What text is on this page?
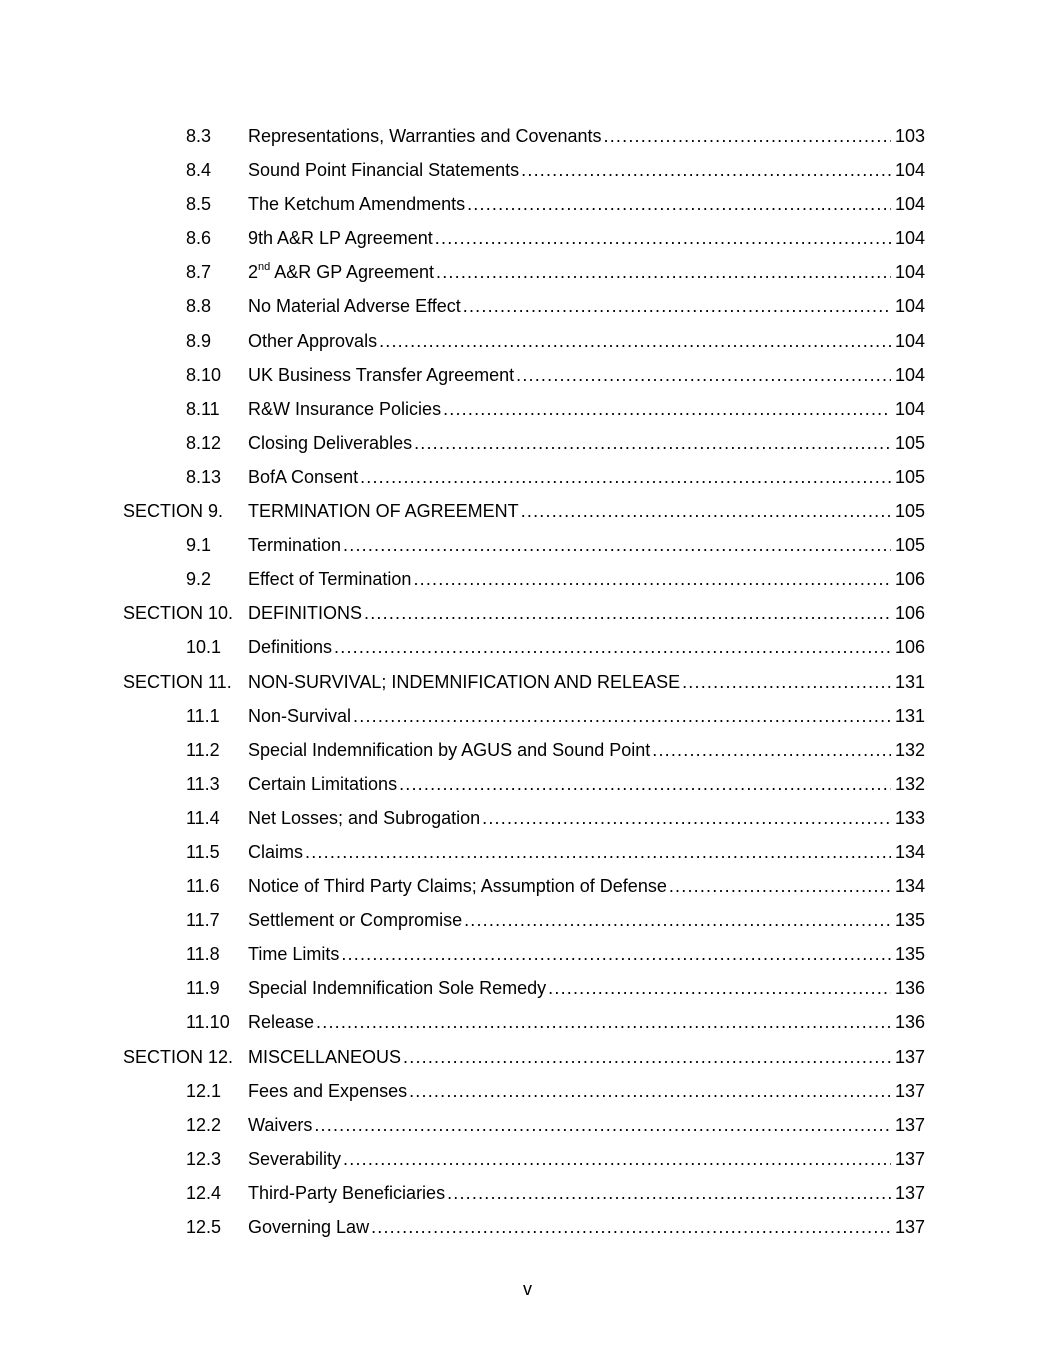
8.3 Representations, Warranties and Covenants .....	103
8.4 Sound Point Financial Statements .....	104
8.5 The Ketchum Amendments .....	104
8.6 9th A&R LP Agreement .....	104
8.7 2nd A&R GP Agreement .....	104
8.8 No Material Adverse Effect .....	104
8.9 Other Approvals .....	104
8.10 UK Business Transfer Agreement .....	104
8.11 R&W Insurance Policies .....	104
8.12 Closing Deliverables .....	105
8.13 BofA Consent .....	105
SECTION 9. TERMINATION OF AGREEMENT .....	105
9.1 Termination .....	105
9.2 Effect of Termination .....	106
SECTION 10. DEFINITIONS .....	106
10.1 Definitions .....	106
SECTION 11. NON-SURVIVAL; INDEMNIFICATION AND RELEASE .....	131
11.1 Non-Survival .....	131
11.2 Special Indemnification by AGUS and Sound Point .....	132
11.3 Certain Limitations .....	132
11.4 Net Losses; and Subrogation .....	133
11.5 Claims .....	134
11.6 Notice of Third Party Claims; Assumption of Defense .....	134
11.7 Settlement or Compromise .....	135
11.8 Time Limits .....	135
11.9 Special Indemnification Sole Remedy .....	136
11.10 Release .....	136
SECTION 12. MISCELLANEOUS .....	137
12.1 Fees and Expenses .....	137
12.2 Waivers .....	137
12.3 Severability .....	137
12.4 Third-Party Beneficiaries .....	137
12.5 Governing Law .....	137
v
